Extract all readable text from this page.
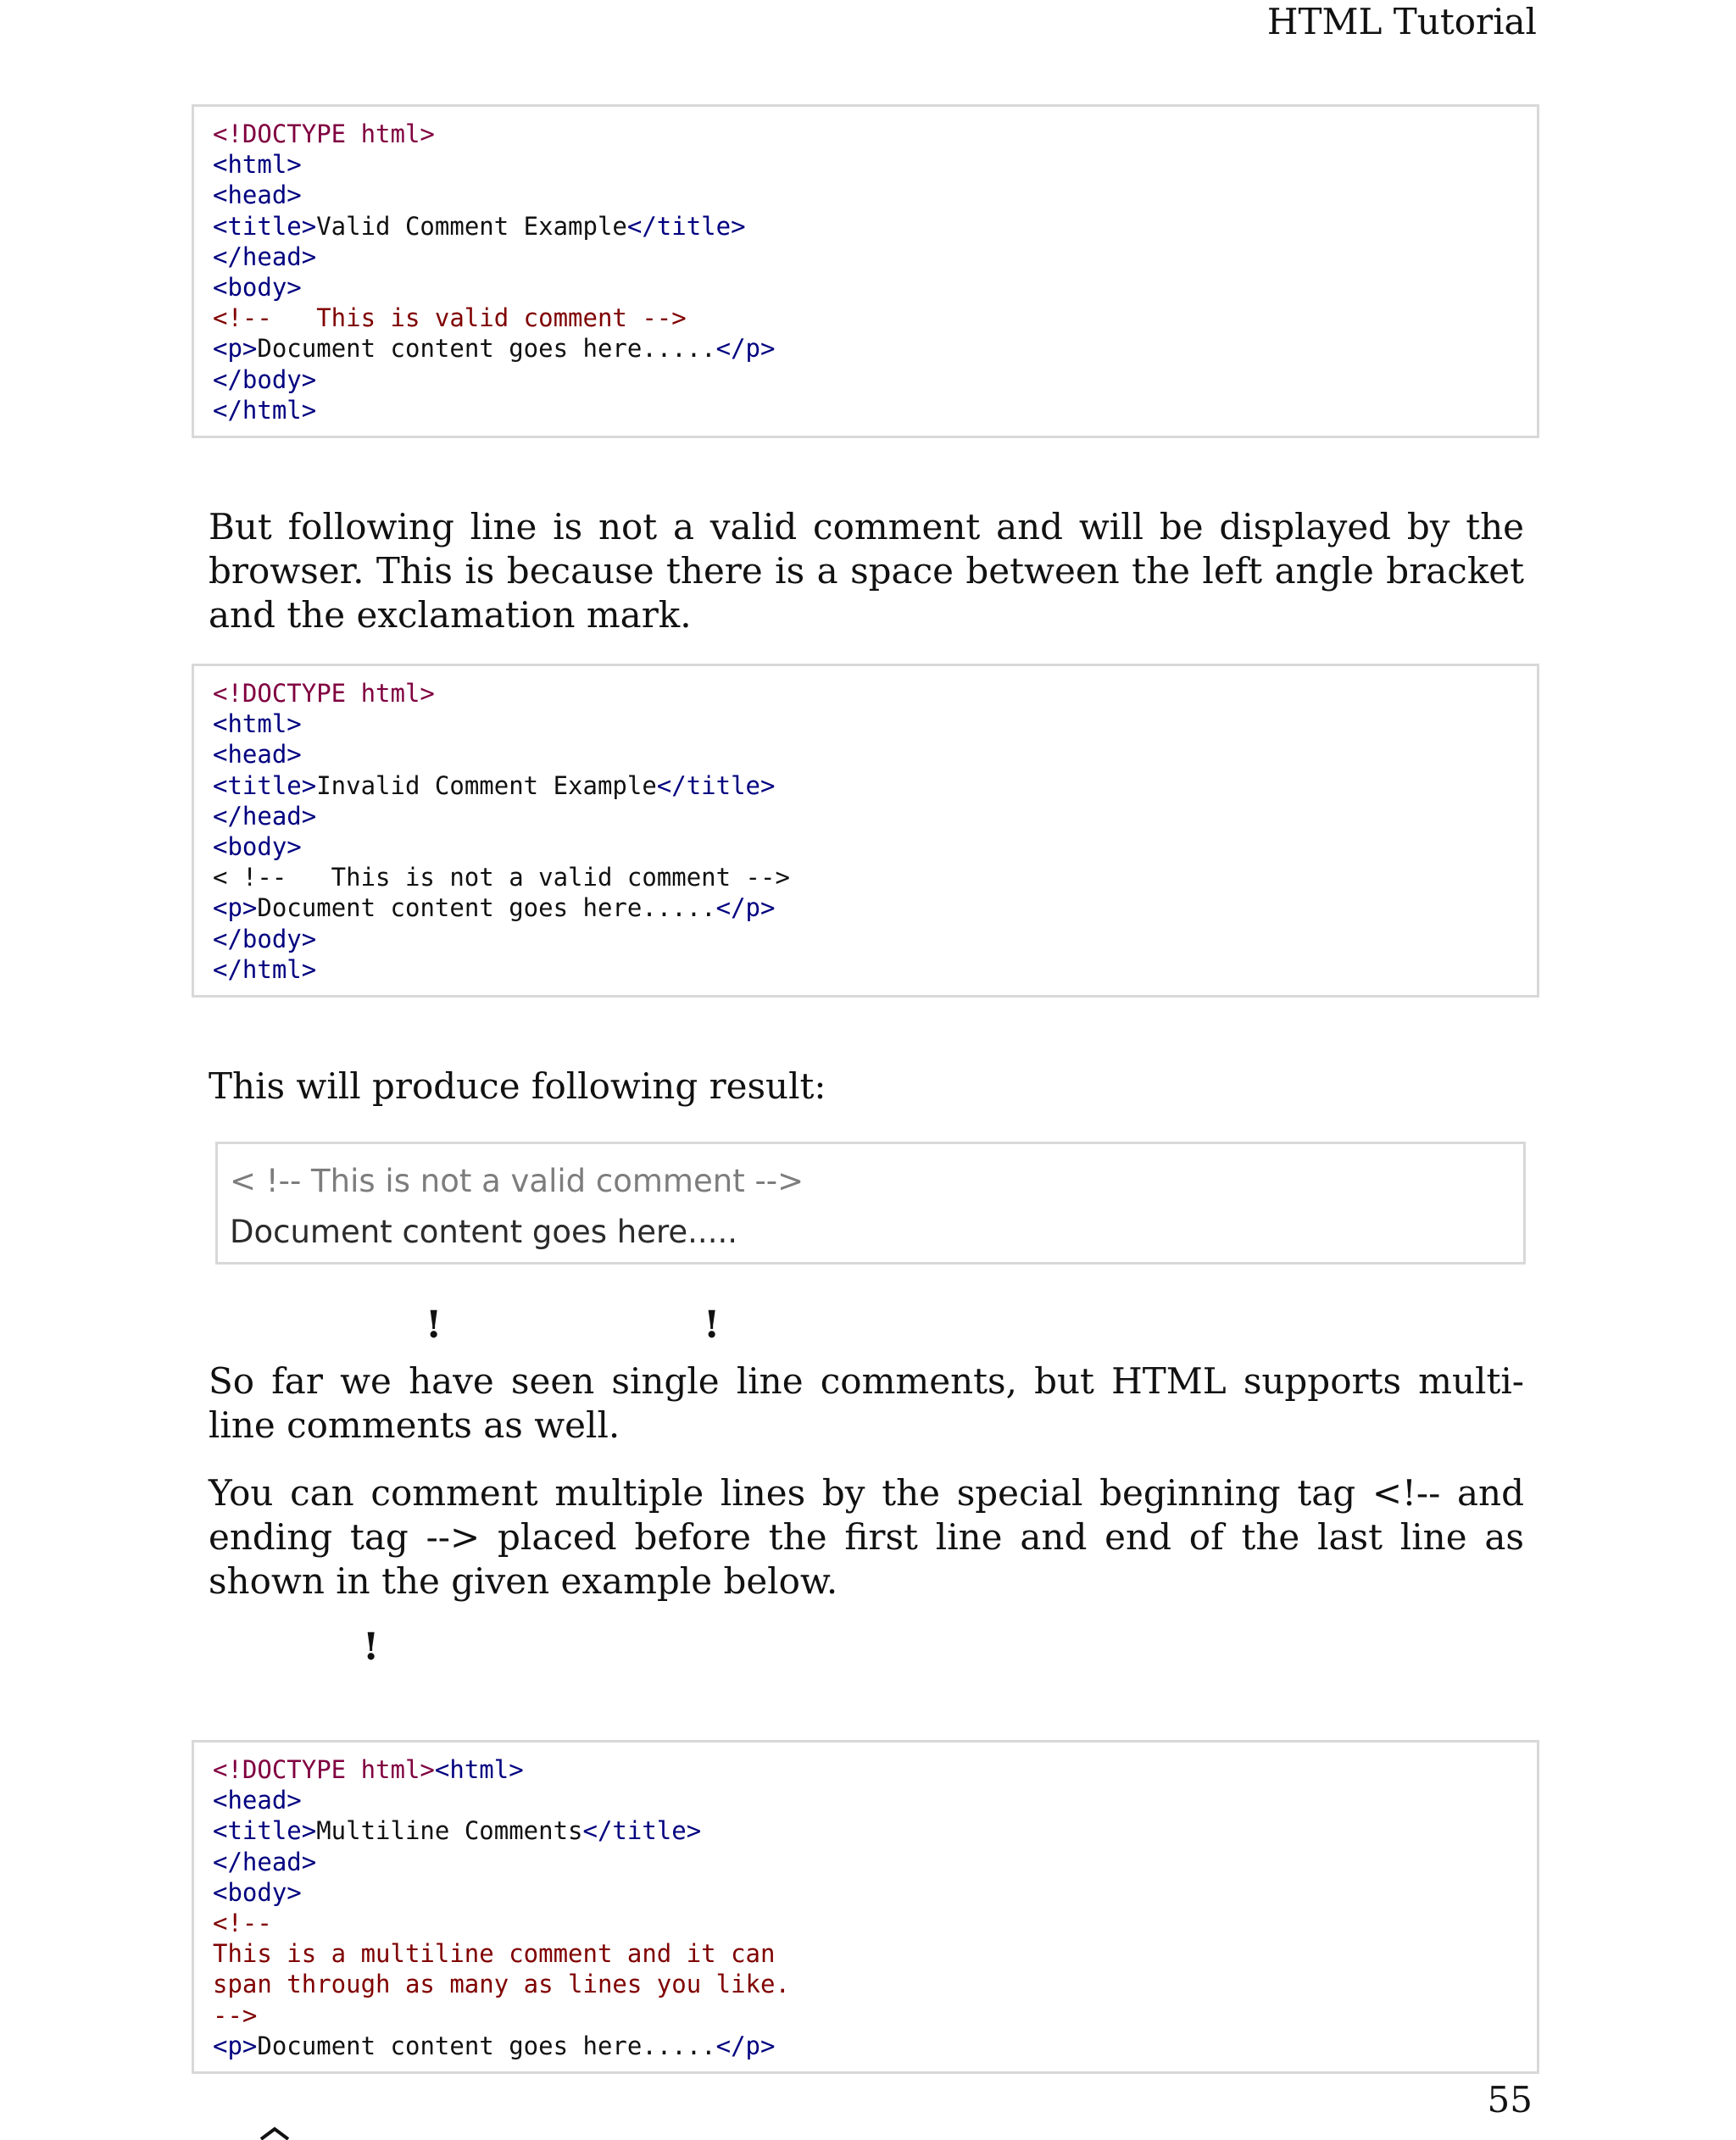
HTML Tutorial
<!DOCTYPE html>
<html>
<head>
<title>Valid Comment Example</title>
</head>
<body>
<!--   This is valid comment -->
<p>Document content goes here.....</p>
</body>
</html>

But following line is not a valid comment and will be displayed by the browser. This is because there is a space between the left angle bracket and the exclamation mark.

<!DOCTYPE html>
<html>
<head>
<title>Invalid Comment Example</title>
</head>
<body>
< !--   This is not a valid comment -->
<p>Document content goes here.....</p>
</body>
</html>

This will produce following result:

< !-- This is not a valid comment -->

Document content goes here.....

!	!

So far we have seen single line comments, but HTML supports multi-line comments as well.

You can comment multiple lines by the special beginning tag <!-- and ending tag --> placed before the first line and end of the last line as shown in the given example below.

!
<!DOCTYPE html><html>
<head>
<title>Multiline Comments</title>
</head>
<body>
<!--
This is a multiline comment and it can
span through as many as lines you like.
-->
<p>Document content goes here.....</p>
55
